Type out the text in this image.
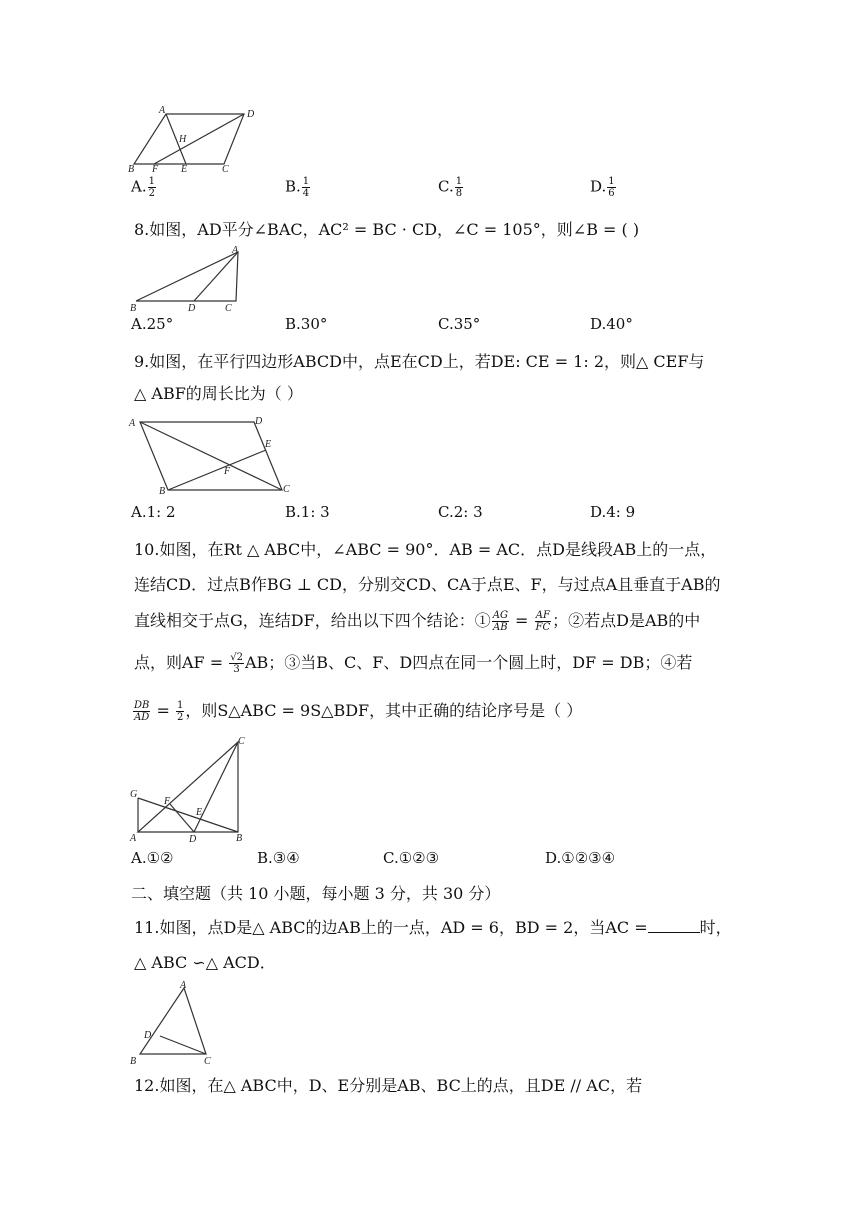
A	D
H
B F E	C
A. $\frac{1}{2}$	B. $\frac{1}{4}$	C. $\frac{1}{8}$	D. $\frac{1}{6}$
8.如图，AD平分∠BAC，AC² = BC · CD，∠C = 105°，则∠B = ( )
A
B	D	C
A.25°	B.30°	C.35°	D.40°
9.如图，在平行四边形ABCD中，点E在CD上，若DE: CE = 1: 2，则△ CEF与
△ ABF的周长比为（ ）
A	D
E
F
B	C
A.1: 2	B.1: 3	C.2: 3	D.4: 9
10.如图，在Rt △ ABC中，∠ABC = 90°．AB = AC．点D是线段AB上的一点，
连结CD．过点B作BG ⊥ CD，分别交CD、CA于点E、F，与过点A且垂直于AB的
直线相交于点G，连结DF，给出以下四个结论：① $\frac{AG}{AB} = \frac{AF}{FC}$ ；②若点D是AB的中
点，则AF = $\frac{√2}{3}$ AB；③当B、C、F、D四点在同一个圆上时，DF = DB；④若
$\frac{DB}{AD} = \frac{1}{2}$ ，则S△ABC = 9S△BDF，其中正确的结论序号是（ ）
C
G
F
E
A	D	B
A.①②	B.③④	C.①②③	D.①②③④
二、填空题（共 10 小题，每小题 3 分，共 30 分）
11.如图，点D是△ ABC的边AB上的一点，AD = 6，BD = 2，当AC =	时，
△ ABC ∽△ ACD．
A
D
B	C
12.如图，在△ ABC中，D、E分别是AB、BC上的点，且DE // AC，若
